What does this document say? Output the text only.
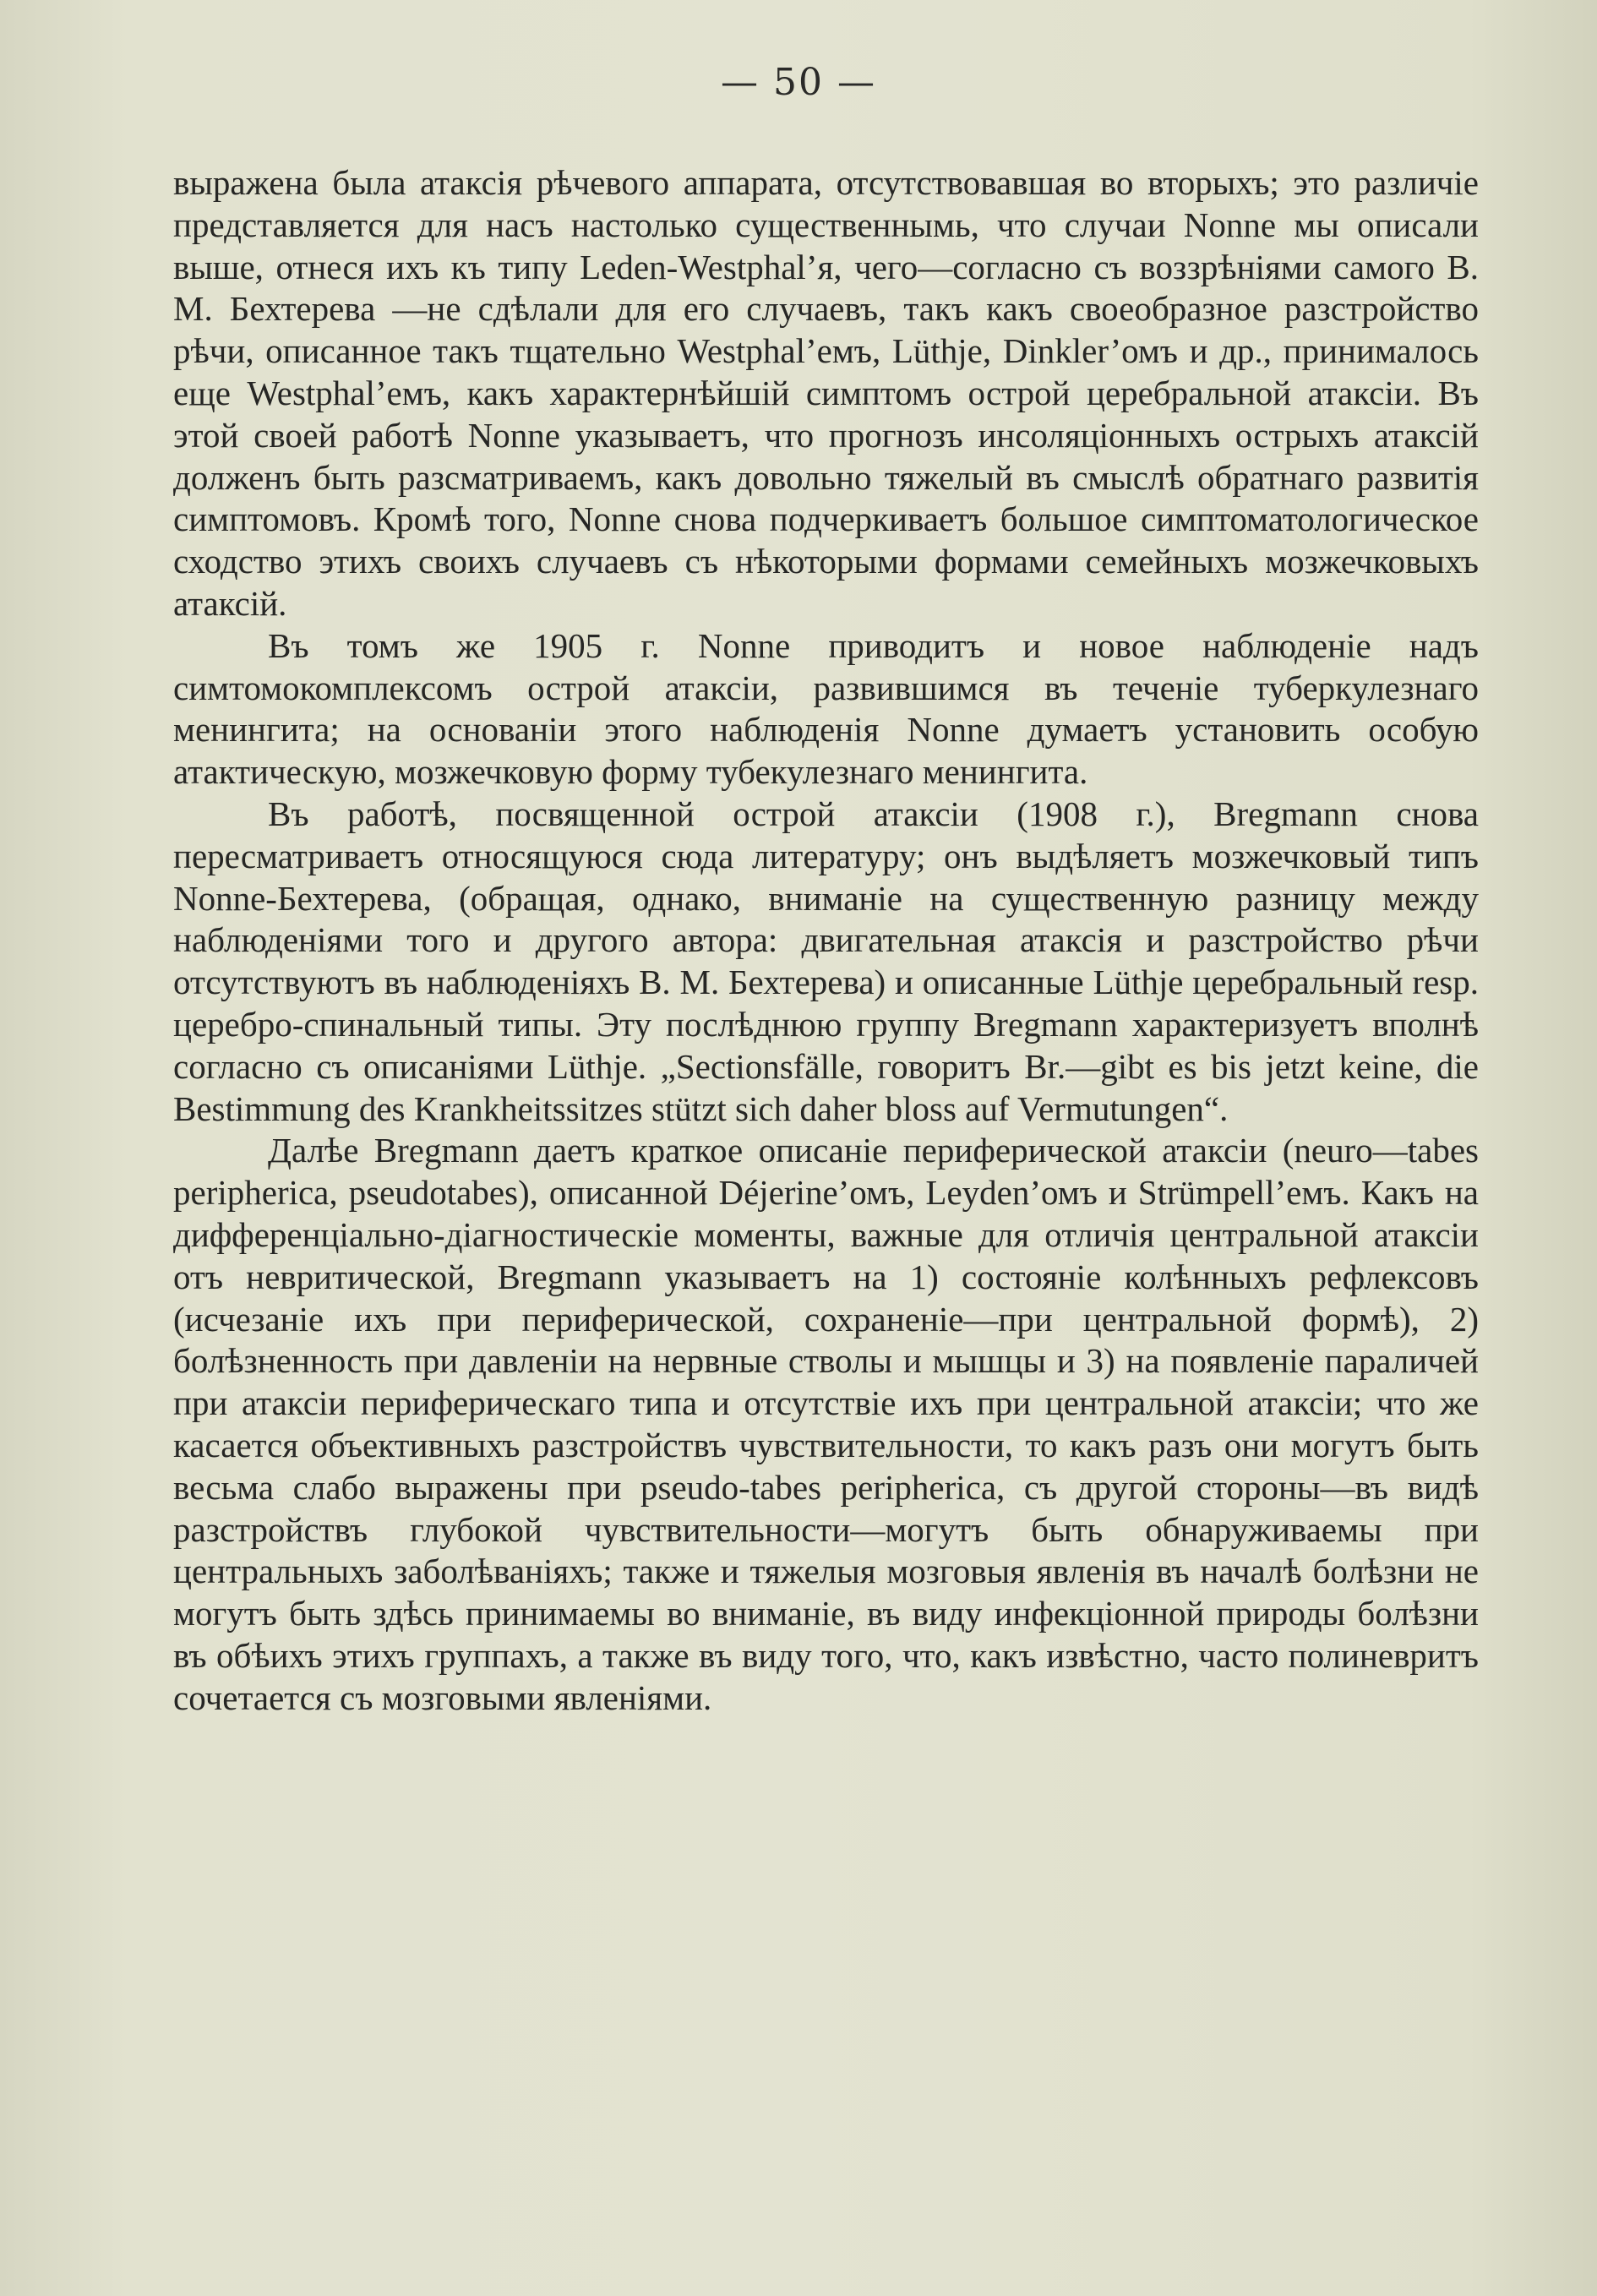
— 50 —

выражена была атаксія рѣчевого аппарата, отсутствовавшая во вторыхъ; это различіе представляется для насъ настолько существеннымь, что случаи Nonne мы описали выше, отнеся ихъ къ типу Leden-Westphal’я, чего—согласно съ воззрѣніями самого В. М. Бехтерева —не сдѣлали для его случаевъ, такъ какъ своеобразное разстройство рѣчи, описанное такъ тщательно Westphal’емъ, Lüthje, Dinkler’омъ и др., принималось еще Westphal’емъ, какъ характернѣйшій симптомъ острой церебральной атаксіи. Въ этой своей работѣ Nonne указываетъ, что прогнозъ инсоляціонныхъ острыхъ атаксій долженъ быть разсматриваемъ, какъ довольно тяжелый въ смыслѣ обратнаго развитія симптомовъ. Кромѣ того, Nonne снова подчеркиваетъ большое симптоматологическое сходство этихъ своихъ случаевъ съ нѣкоторыми формами семейныхъ мозжечковыхъ атаксій.

Въ томъ же 1905 г. Nonne приводитъ и новое наблюденіе надъ симтомокомплексомъ острой атаксіи, развившимся въ теченіе туберкулезнаго менингита; на основаніи этого наблюденія Nonne думаетъ установить особую атактическую, мозжечковую форму тубекулезнаго менингита.

Въ работѣ, посвященной острой атаксіи (1908 г.), Bregmann снова пересматриваетъ относящуюся сюда литературу; онъ выдѣляетъ мозжечковый типъ Nonne-Бехтерева, (обращая, однако, вниманіе на существенную разницу между наблюденіями того и другого автора: двигательная атаксія и разстройство рѣчи отсутствуютъ въ наблюденіяхъ В. М. Бехтерева) и описанные Lüthje церебральный resp. церебро-спинальный типы. Эту послѣднюю группу Bregmann характеризуетъ вполнѣ согласно съ описаніями Lüthje. „Sectionsfälle, говоритъ Br.—gibt es bis jetzt keine, die Bestimmung des Krankheitssitzes stützt sich daher bloss auf Vermutungen“.

Далѣе Bregmann даетъ краткое описаніе периферической атаксіи (neuro—tabes peripherica, pseudotabes), описанной Déjerine’омъ, Leyden’омъ и Strümpell’емъ. Какъ на дифференціально-діагностическіе моменты, важные для отличія центральной атаксіи отъ невритической, Bregmann указываетъ на 1) состояніе колѣнныхъ рефлексовъ (исчезаніе ихъ при периферической, сохраненіе—при центральной формѣ), 2) болѣзненность при давленіи на нервные стволы и мышцы и 3) на появленіе параличей при атаксіи периферическаго типа и отсутствіе ихъ при центральной атаксіи; что же касается объективныхъ разстройствъ чувствительности, то какъ разъ они могутъ быть весьма слабо выражены при pseudo-tabes peripherica, съ другой стороны—въ видѣ разстройствъ глубокой чувствительности—могутъ быть обнаруживаемы при центральныхъ заболѣваніяхъ; также и тяжелыя мозговыя явленія въ началѣ болѣзни не могутъ быть здѣсь принимаемы во вниманіе, въ виду инфекціонной природы болѣзни въ обѣихъ этихъ группахъ, а также въ виду того, что, какъ извѣстно, часто полиневритъ сочетается съ мозговыми явленіями.
